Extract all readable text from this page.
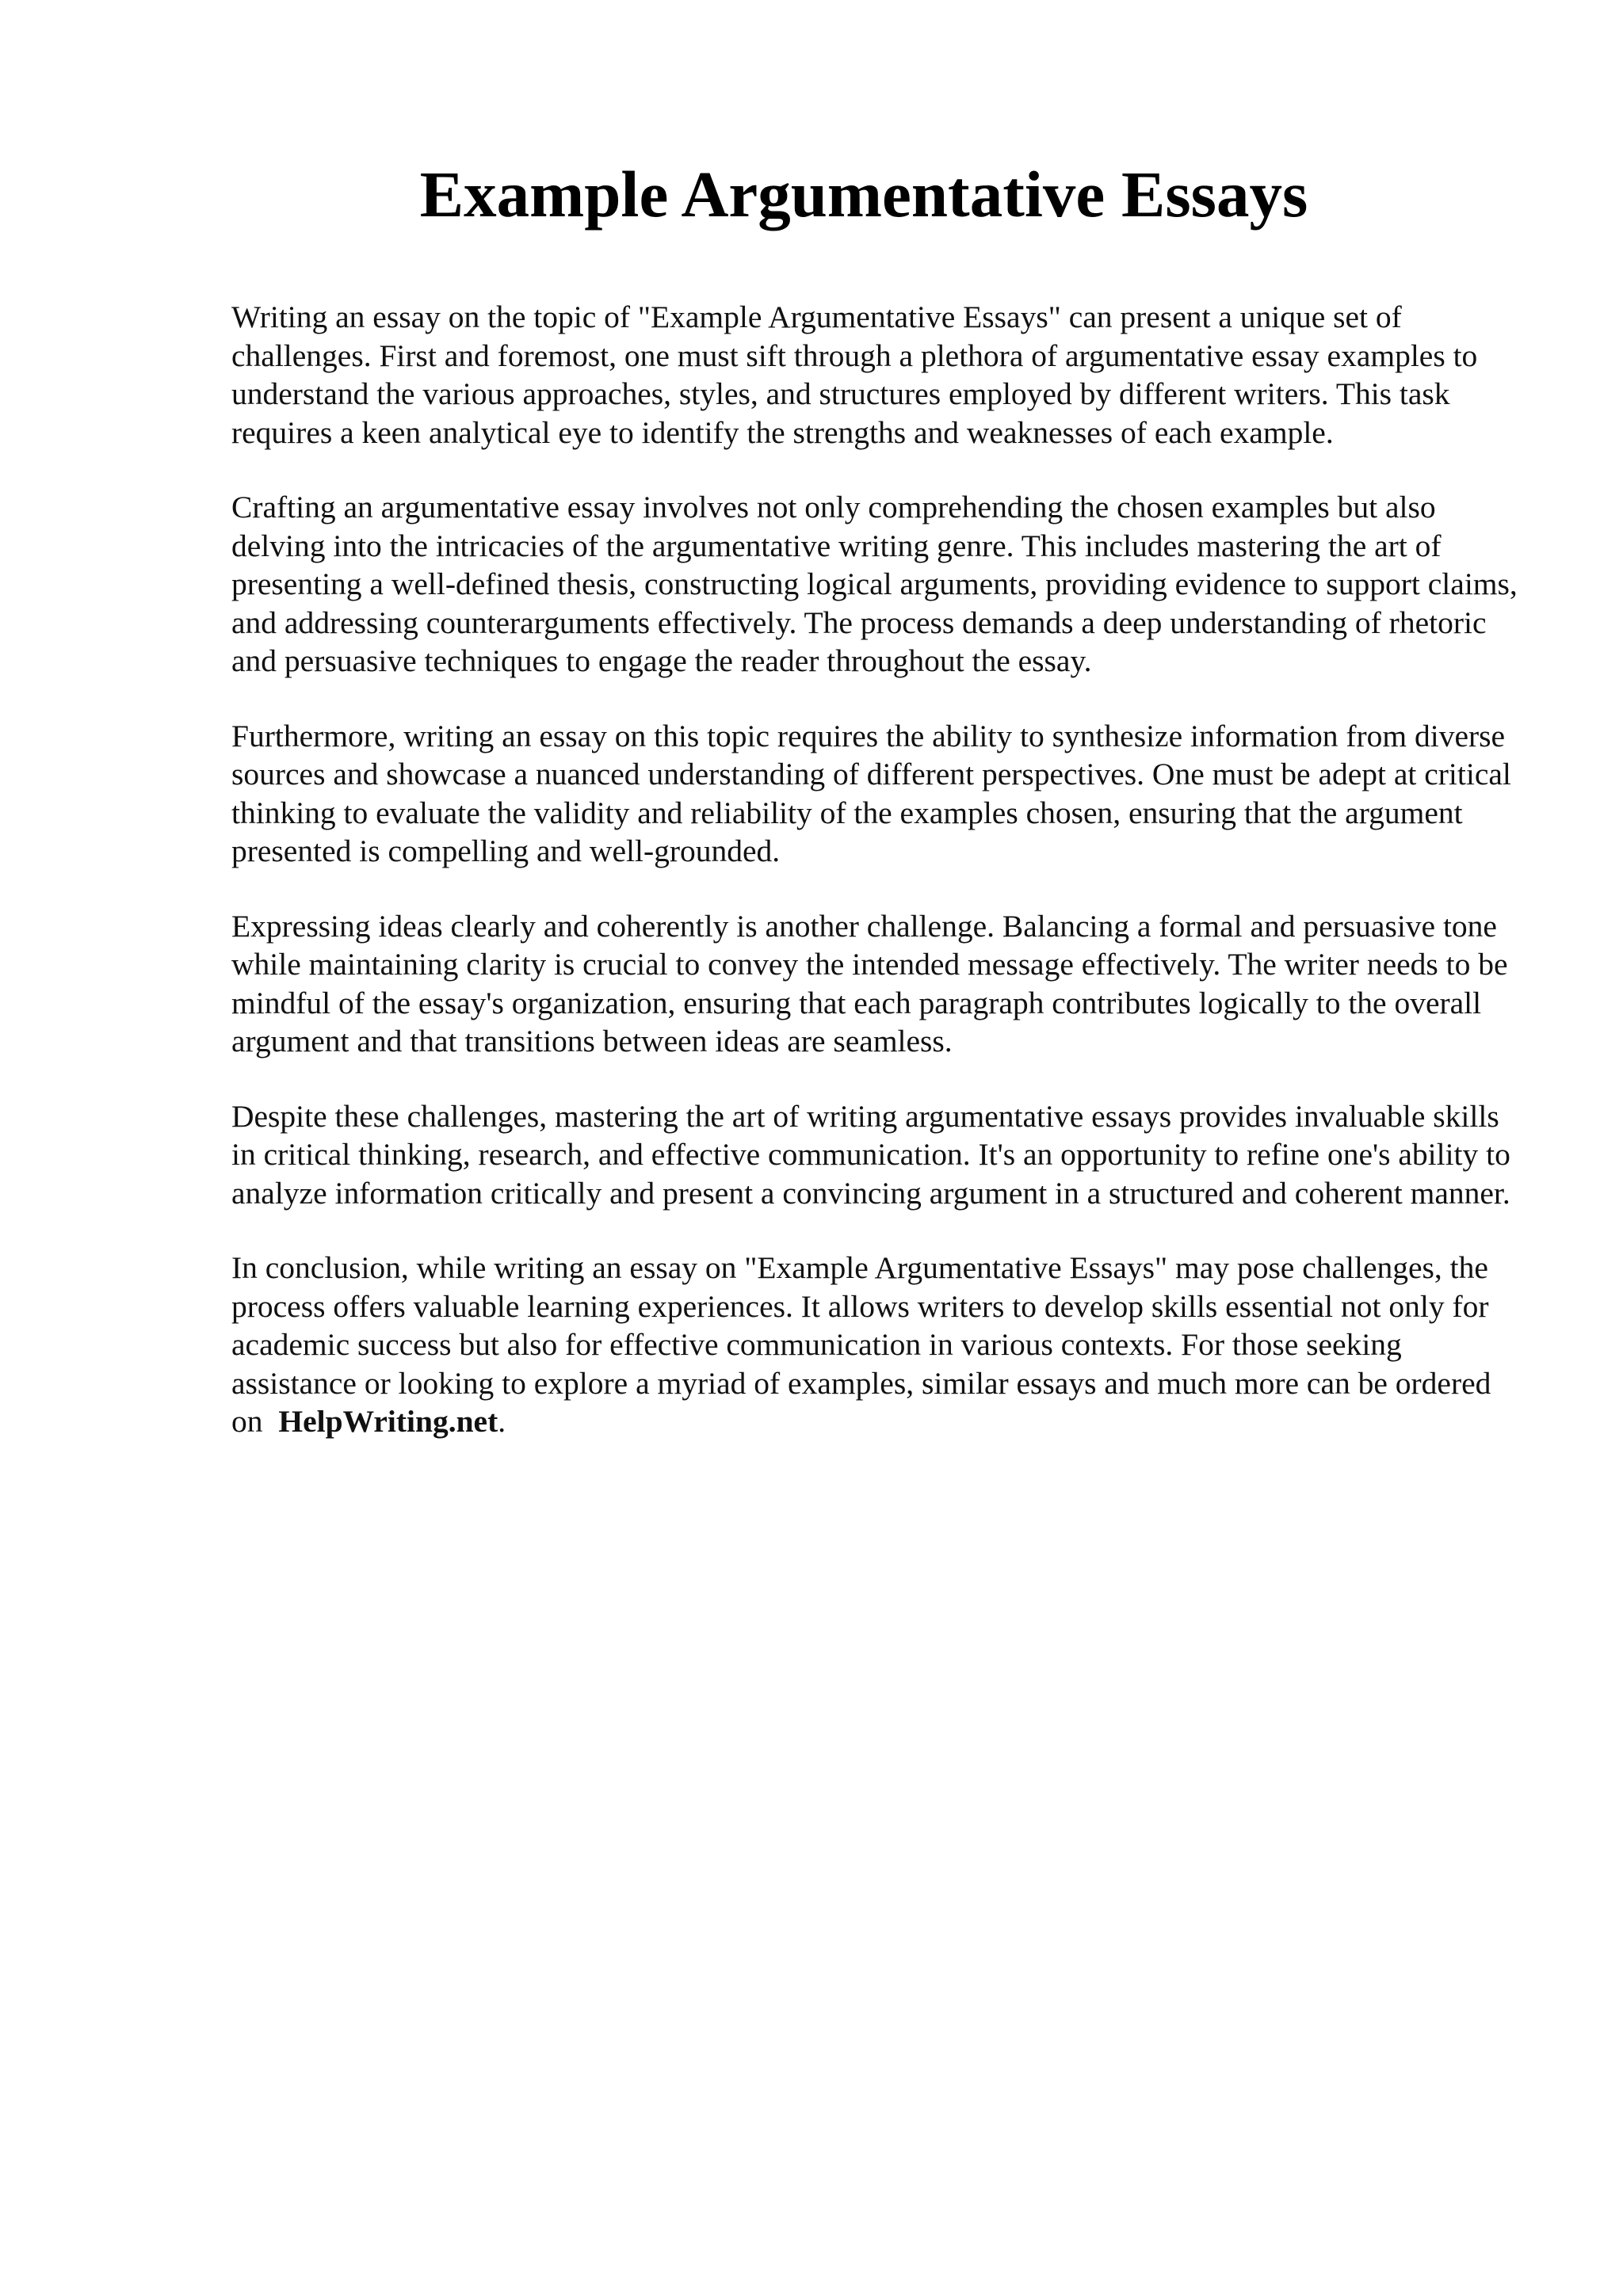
Example Argumentative Essays

Writing an essay on the topic of "Example Argumentative Essays" can present a unique set of challenges. First and foremost, one must sift through a plethora of argumentative essay examples to understand the various approaches, styles, and structures employed by different writers. This task requires a keen analytical eye to identify the strengths and weaknesses of each example.

Crafting an argumentative essay involves not only comprehending the chosen examples but also delving into the intricacies of the argumentative writing genre. This includes mastering the art of presenting a well-defined thesis, constructing logical arguments, providing evidence to support claims, and addressing counterarguments effectively. The process demands a deep understanding of rhetoric and persuasive techniques to engage the reader throughout the essay.

Furthermore, writing an essay on this topic requires the ability to synthesize information from diverse sources and showcase a nuanced understanding of different perspectives. One must be adept at critical thinking to evaluate the validity and reliability of the examples chosen, ensuring that the argument presented is compelling and well-grounded.

Expressing ideas clearly and coherently is another challenge. Balancing a formal and persuasive tone while maintaining clarity is crucial to convey the intended message effectively. The writer needs to be mindful of the essay's organization, ensuring that each paragraph contributes logically to the overall argument and that transitions between ideas are seamless.

Despite these challenges, mastering the art of writing argumentative essays provides invaluable skills in critical thinking, research, and effective communication. It's an opportunity to refine one's ability to analyze information critically and present a convincing argument in a structured and coherent manner.

In conclusion, while writing an essay on "Example Argumentative Essays" may pose challenges, the process offers valuable learning experiences. It allows writers to develop skills essential not only for academic success but also for effective communication in various contexts. For those seeking assistance or looking to explore a myriad of examples, similar essays and much more can be ordered on HelpWriting.net.
